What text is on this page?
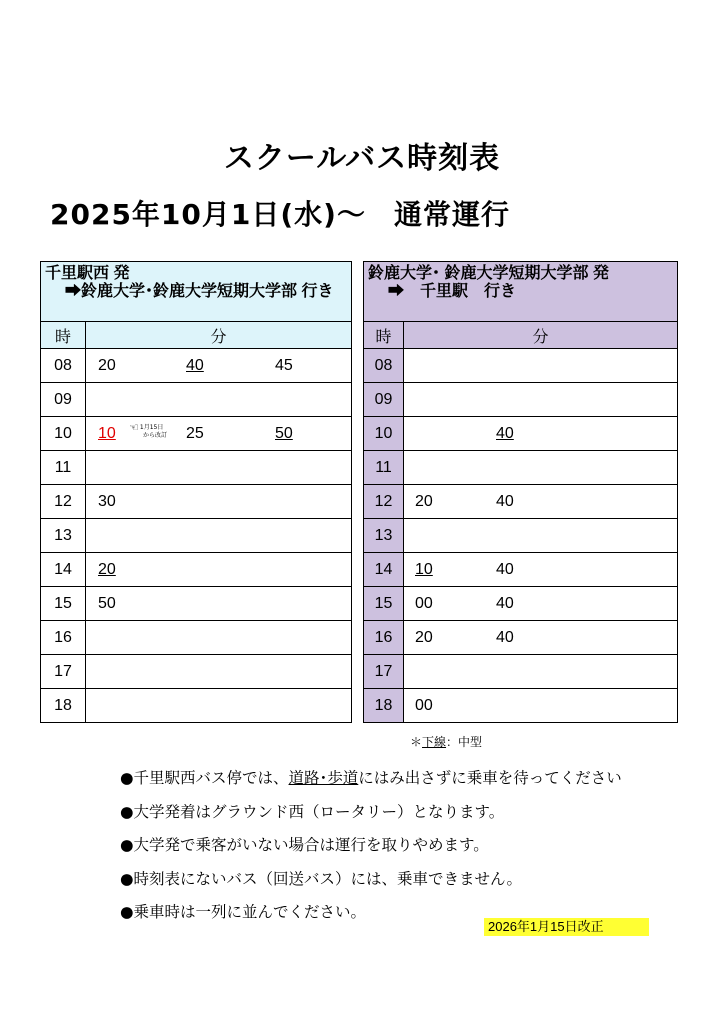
スクールバス時刻表
2025年10月1日(水)～ 通常運行
千里駅西 発
➡鈴鹿大学･鈴鹿大学短期大学部 行き	

時	分
08	20 40 45

09	
10	10 25 50
☜1月15日
から改訂

11	
12	30

13	
14	20

15	50

16	
17	
18	
鈴鹿大学･ 鈴鹿大学短期大学部 発
➡　千里駅　行き	

時	分
08	
09	
10	40

11	
12	20 40

13	
14	10 40

15	00 40

16	20 40

17	
18	00
＊下線：中型
●千里駅西バス停では、道路･歩道にはみ出さずに乗車を待ってください
●大学発着はグラウンド西（ロータリー）となります。
●大学発で乗客がいない場合は運行を取りやめます。
●時刻表にないバス（回送バス）には、乗車できません。
●乗車時は一列に並んでください。
2026年1月15日改正
